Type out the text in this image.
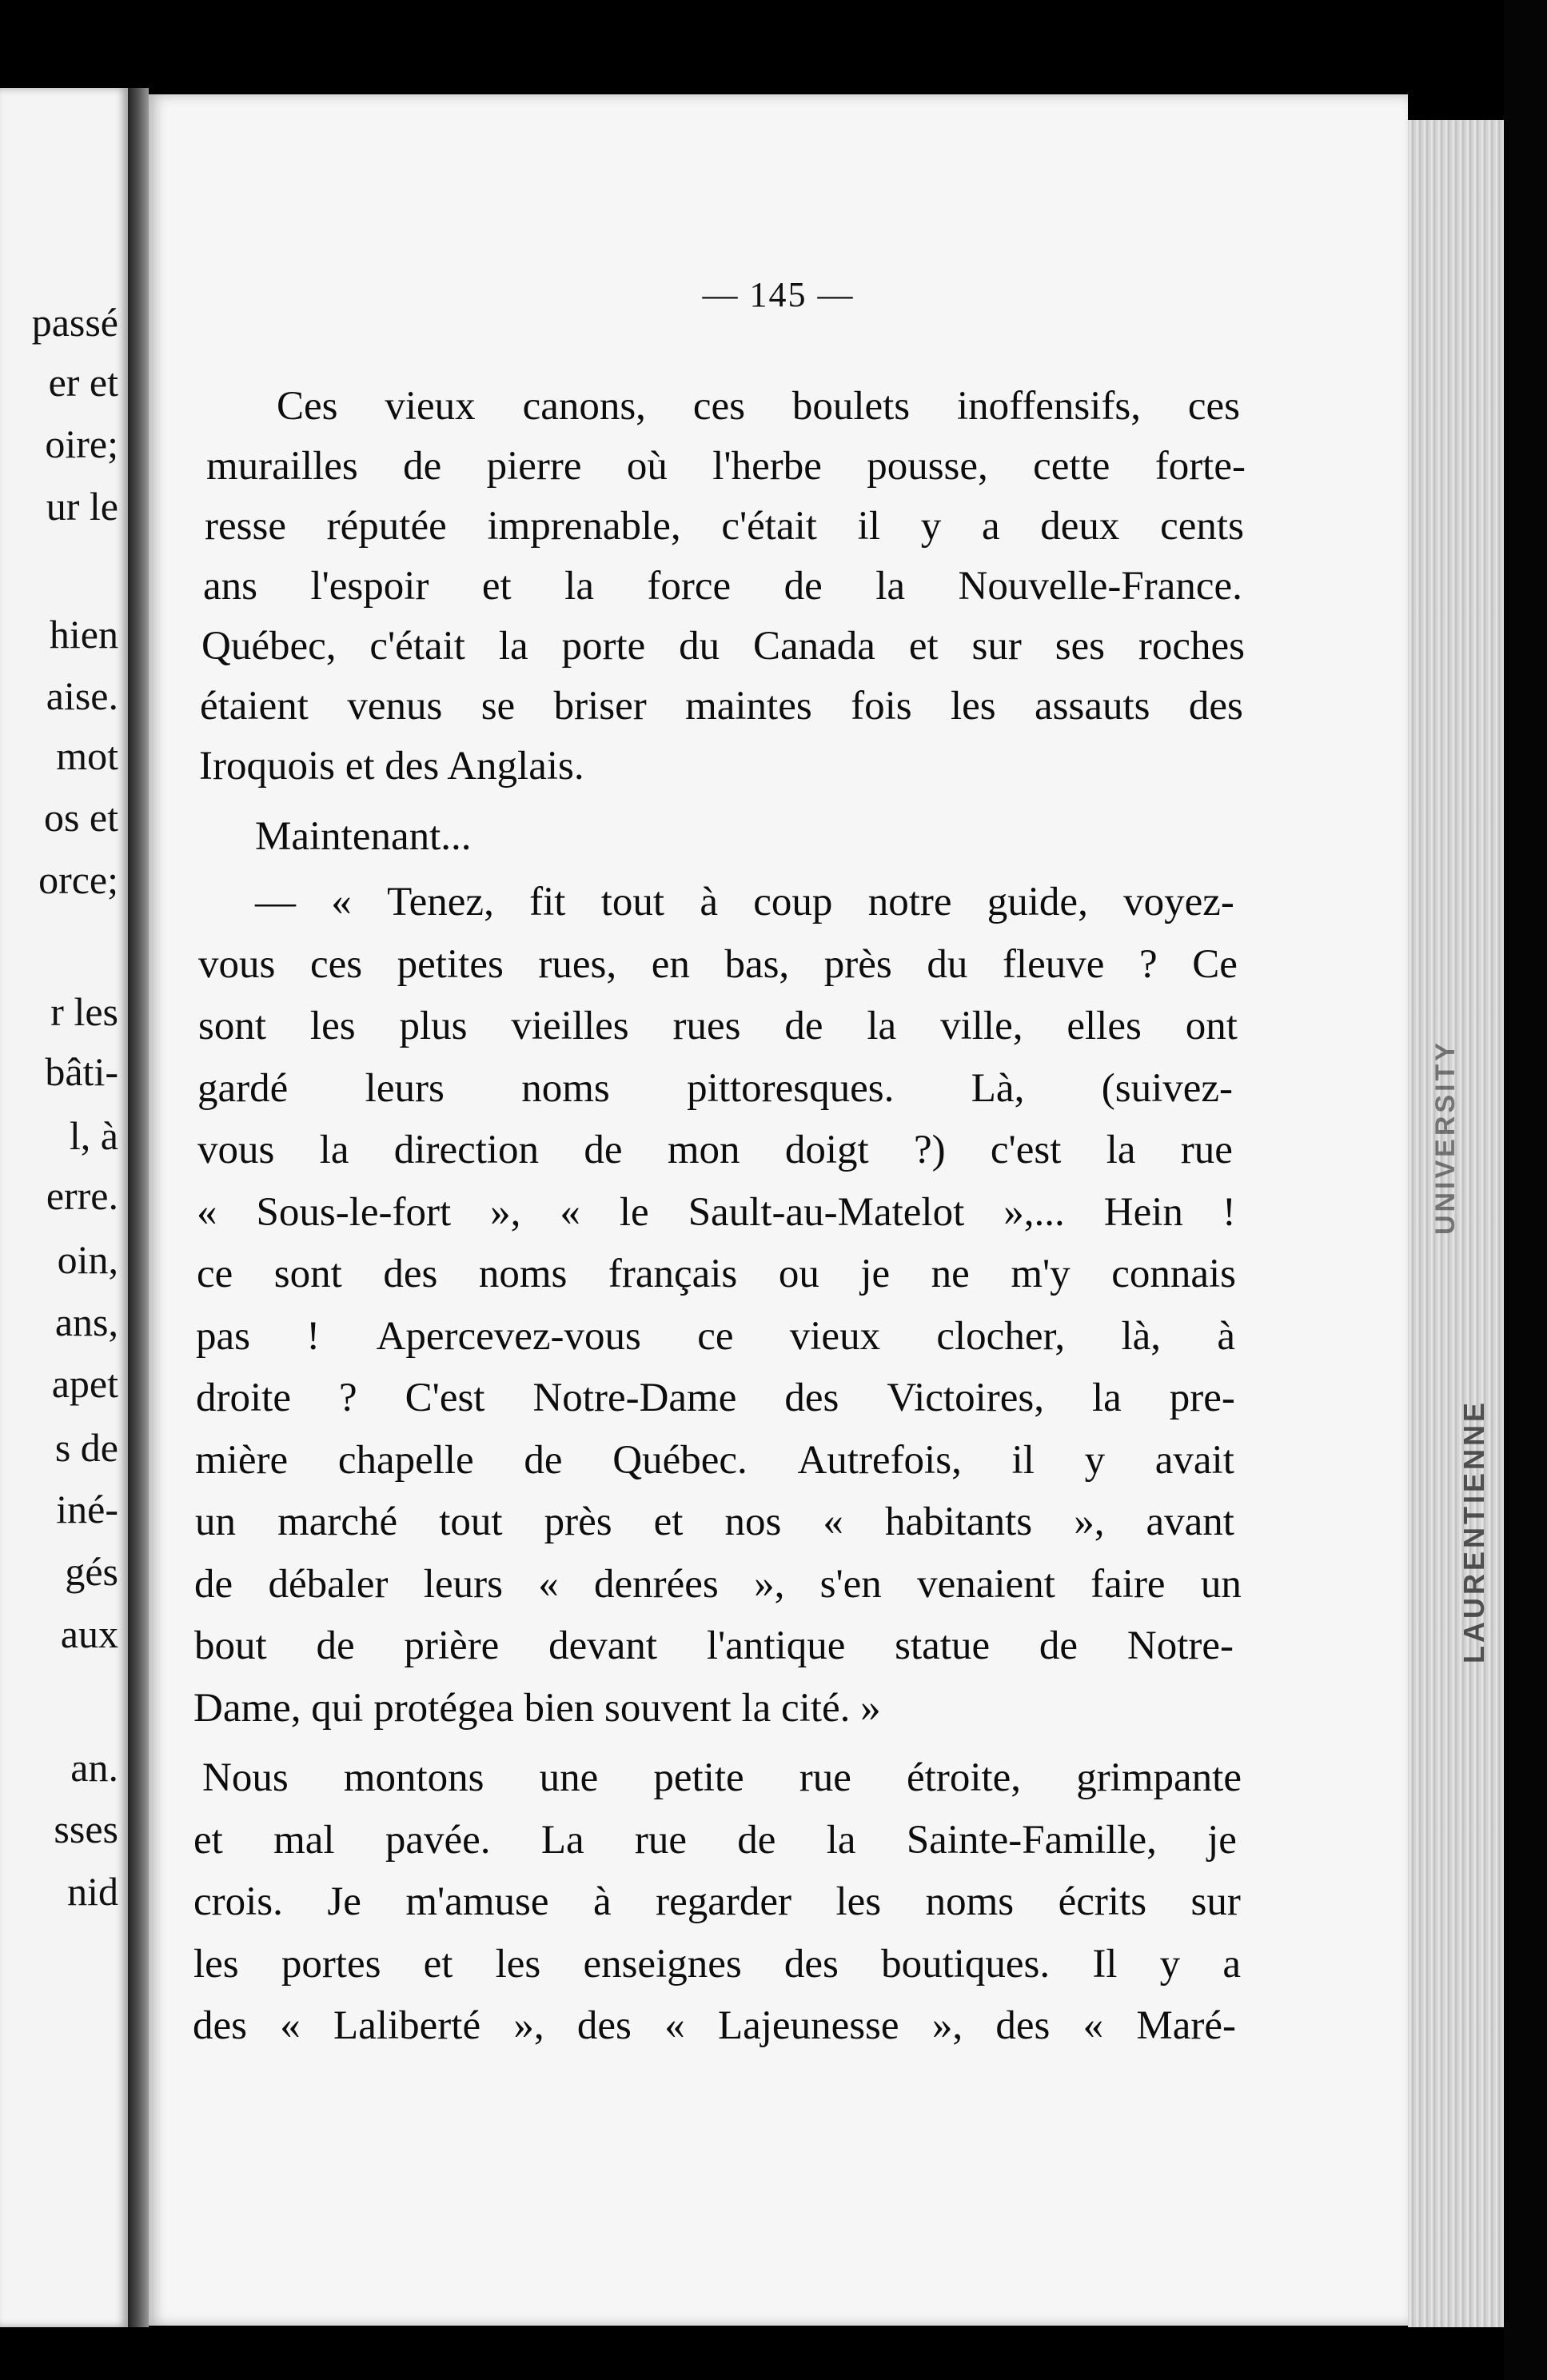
passé
er et
oire;
ur le
hien
aise.
mot
os et
orce;
r les
bâti-
l, à
erre.
oin,
ans,
apet
s de
iné-
gés
aux
an.
sses
nid
— 145 —
Ces vieux canons, ces boulets inoffensifs, ces
murailles de pierre où l'herbe pousse, cette forte-
resse réputée imprenable, c'était il y a deux cents
ans l'espoir et la force de la Nouvelle-France.
Québec, c'était la porte du Canada et sur ses roches
étaient venus se briser maintes fois les assauts des
Iroquois et des Anglais.
Maintenant...
— « Tenez, fit tout à coup notre guide, voyez-
vous ces petites rues, en bas, près du fleuve ? Ce
sont les plus vieilles rues de la ville, elles ont
gardé leurs noms pittoresques. Là, (suivez-
vous la direction de mon doigt ?) c'est la rue
« Sous-le-fort », « le Sault-au-Matelot »,... Hein !
ce sont des noms français ou je ne m'y connais
pas ! Apercevez-vous ce vieux clocher, là, à
droite ? C'est Notre-Dame des Victoires, la pre-
mière chapelle de Québec. Autrefois, il y avait
un marché tout près et nos « habitants », avant
de débaler leurs « denrées », s'en venaient faire un
bout de prière devant l'antique statue de Notre-
Dame, qui protégea bien souvent la cité. »
Nous montons une petite rue étroite, grimpante
et mal pavée. La rue de la Sainte-Famille, je
crois. Je m'amuse à regarder les noms écrits sur
les portes et les enseignes des boutiques. Il y a
des « Laliberté », des « Lajeunesse », des « Maré-
UNIVERSITY
LAURENTIENNE
